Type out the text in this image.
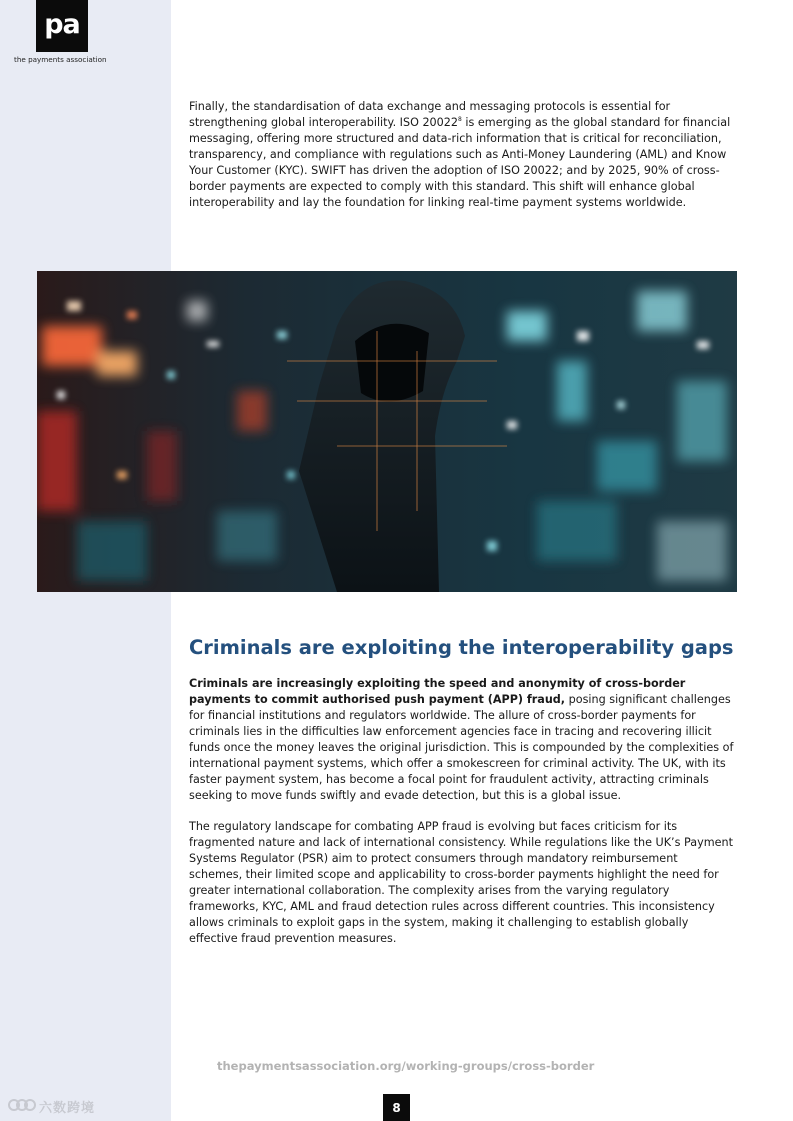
pa
the payments association

Finally, the standardisation of data exchange and messaging protocols is essential for strengthening global interoperability. ISO 20022$^8$ is emerging as the global standard for financial messaging, offering more structured and data-rich information that is critical for reconciliation, transparency, and compliance with regulations such as Anti-Money Laundering (AML) and Know Your Customer (KYC). SWIFT has driven the adoption of ISO 20022; and by 2025, 90% of cross-border payments are expected to comply with this standard. This shift will enhance global interoperability and lay the foundation for linking real-time payment systems worldwide.

Criminals are exploiting the interoperability gaps

Criminals are increasingly exploiting the speed and anonymity of cross-border payments to commit authorised push payment (APP) fraud, posing significant challenges for financial institutions and regulators worldwide. The allure of cross-border payments for criminals lies in the difficulties law enforcement agencies face in tracing and recovering illicit funds once the money leaves the original jurisdiction. This is compounded by the complexities of international payment systems, which offer a smokescreen for criminal activity. The UK, with its faster payment system, has become a focal point for fraudulent activity, attracting criminals seeking to move funds swiftly and evade detection, but this is a global issue.

The regulatory landscape for combating APP fraud is evolving but faces criticism for its fragmented nature and lack of international consistency. While regulations like the UK’s Payment Systems Regulator (PSR) aim to protect consumers through mandatory reimbursement schemes, their limited scope and applicability to cross-border payments highlight the need for greater international collaboration. The complexity arises from the varying regulatory frameworks, KYC, AML and fraud detection rules across different countries. This inconsistency allows criminals to exploit gaps in the system, making it challenging to establish globally effective fraud prevention measures.

thepaymentsassociation.org/working-groups/cross-border
8
六数跨境
